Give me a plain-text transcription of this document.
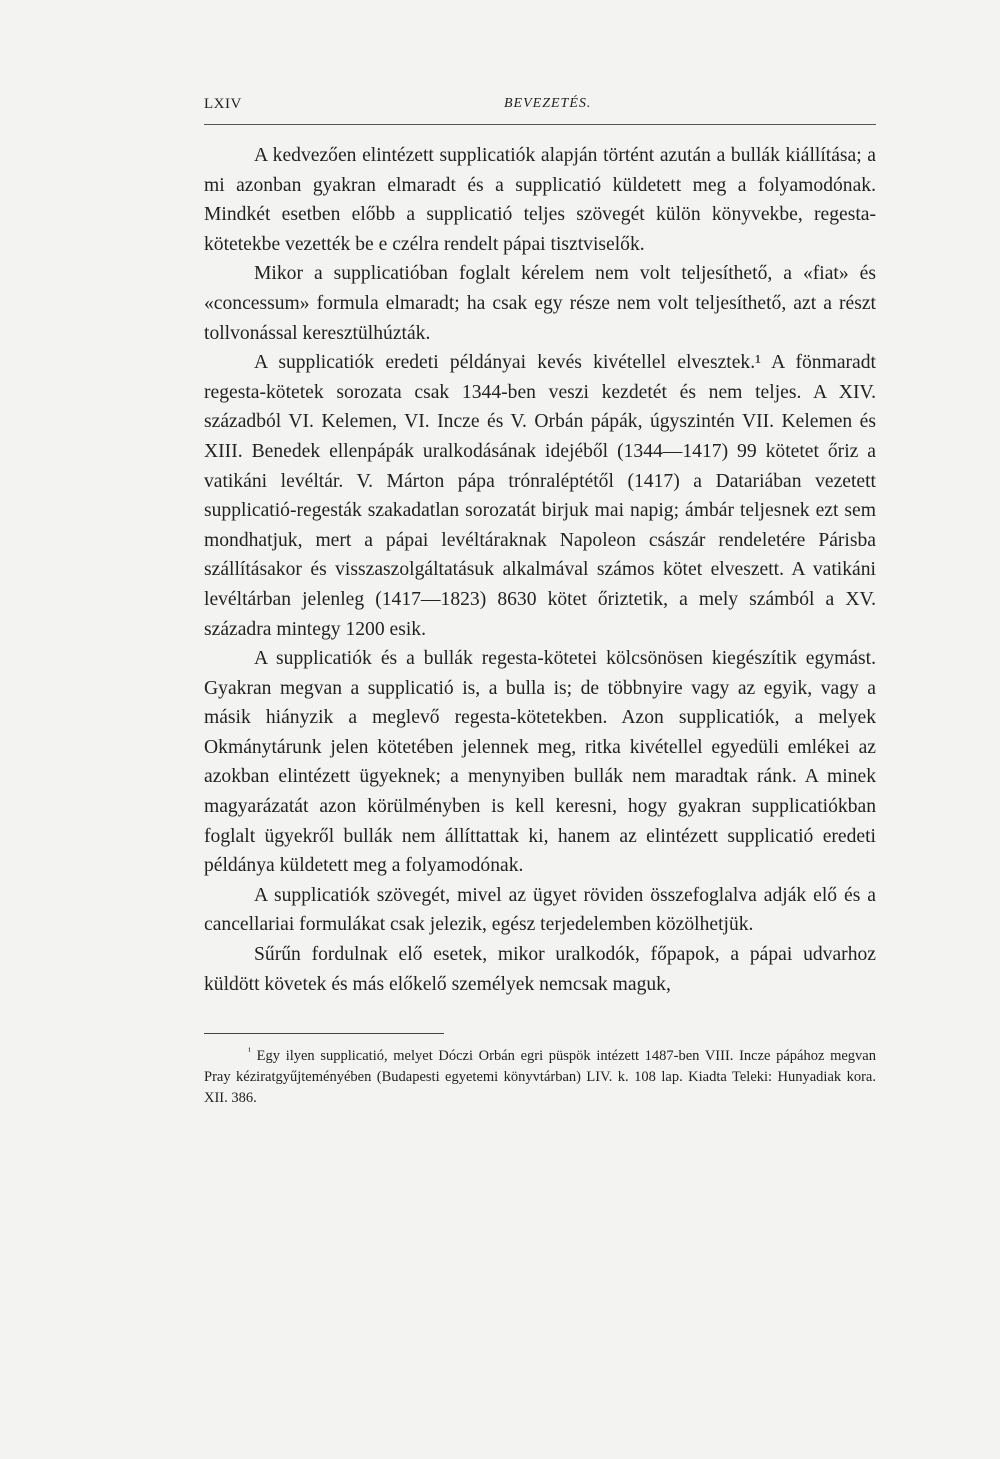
LXIV	BEVEZETÉS.

A kedvezően elintézett supplicatiók alapján történt azután a bullák kiállítása; a mi azonban gyakran elmaradt és a supplicatió küldetett meg a folyamodónak. Mindkét esetben előbb a supplicatió teljes szövegét külön könyvekbe, regesta-kötetekbe vezették be e czélra rendelt pápai tisztviselők.

Mikor a supplicatióban foglalt kérelem nem volt teljesíthető, a «fiat» és «concessum» formula elmaradt; ha csak egy része nem volt teljesíthető, azt a részt tollvonással keresztülhúzták.

A supplicatiók eredeti példányai kevés kivétellel elvesztek.¹ A fönmaradt regesta-kötetek sorozata csak 1344-ben veszi kezdetét és nem teljes. A XIV. századból VI. Kelemen, VI. Incze és V. Orbán pápák, úgyszintén VII. Kelemen és XIII. Benedek ellenpápák uralkodásának idejéből (1344—1417) 99 kötetet őriz a vatikáni levéltár. V. Márton pápa trónraléptétől (1417) a Datariában vezetett supplicatió-regesták szakadatlan sorozatát birjuk mai napig; ámbár teljesnek ezt sem mondhatjuk, mert a pápai levéltáraknak Napoleon császár rendeletére Párisba szállításakor és visszaszolgáltatásuk alkalmával számos kötet elveszett. A vatikáni levéltárban jelenleg (1417—1823) 8630 kötet őriztetik, a mely számból a XV. századra mintegy 1200 esik.

A supplicatiók és a bullák regesta-kötetei kölcsönösen kiegészítik egymást. Gyakran megvan a supplicatió is, a bulla is; de többnyire vagy az egyik, vagy a másik hiányzik a meglevő regesta-kötetekben. Azon supplicatiók, a melyek Okmánytárunk jelen kötetében jelennek meg, ritka kivétellel egyedüli emlékei az azokban elintézett ügyeknek; a menynyiben bullák nem maradtak ránk. A minek magyarázatát azon körülményben is kell keresni, hogy gyakran supplicatiókban foglalt ügyekről bullák nem állíttattak ki, hanem az elintézett supplicatió eredeti példánya küldetett meg a folyamodónak.

A supplicatiók szövegét, mivel az ügyet röviden összefoglalva adják elő és a cancellariai formulákat csak jelezik, egész terjedelemben közölhetjük.

Sűrűn fordulnak elő esetek, mikor uralkodók, főpapok, a pápai udvarhoz küldött követek és más előkelő személyek nemcsak maguk,

$^{^1}$ Egy ilyen supplicatió, melyet Dóczi Orbán egri püspök intézett 1487-ben VIII. Incze pápához megvan Pray kéziratgyűjteményében (Budapesti egyetemi könyvtárban) LIV. k. 108 lap. Kiadta Teleki: Hunyadiak kora. XII. 386.
